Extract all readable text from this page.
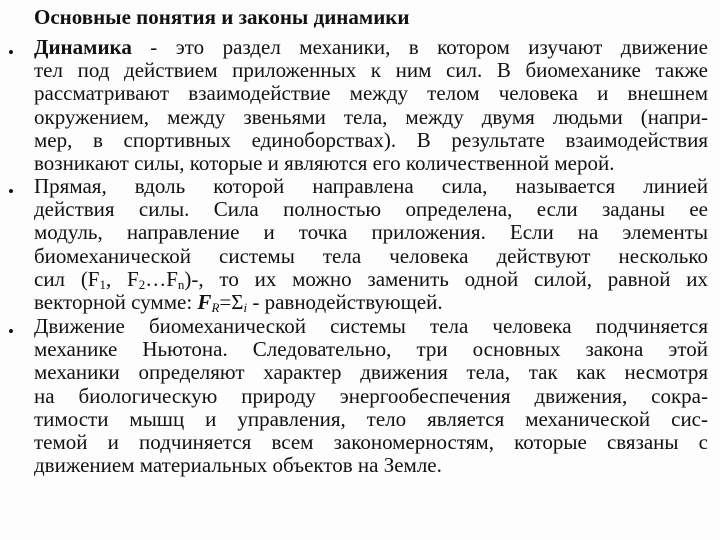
Основные понятия и законы динамики
• Динамика - это раздел механики, в котором изучают движение
тел под действием приложенных к ним сил. В биомеханике также
рассматривают взаимодействие между телом человека и внешнем
окружением, между звеньями тела, между двумя людьми (напри-
мер, в спортивных единоборствах). В результате взаимодействия
возникают силы, которые и являются его количественной мерой.
• Прямая, вдоль которой направлена сила, называется линией
действия силы. Сила полностью определена, если заданы ее
модуль, направление и точка приложения. Если на элементы
биомеханической системы тела человека действуют несколько
сил ($F_1$, $F_2\dots F_n)-$, то их можно заменить одной силой, равной их
векторной сумме: $F_R=\Sigma_i$ - равнодействующей.
• Движение биомеханической системы тела человека подчиняется
механике Ньютона. Следовательно, три основных закона этой
механики определяют характер движения тела, так как несмотря
на биологическую природу энергообеспечения движения, сокра-
тимости мышц и управления, тело является механической сис-
темой и подчиняется всем закономерностям, которые связаны с
движением материальных объектов на Земле.
